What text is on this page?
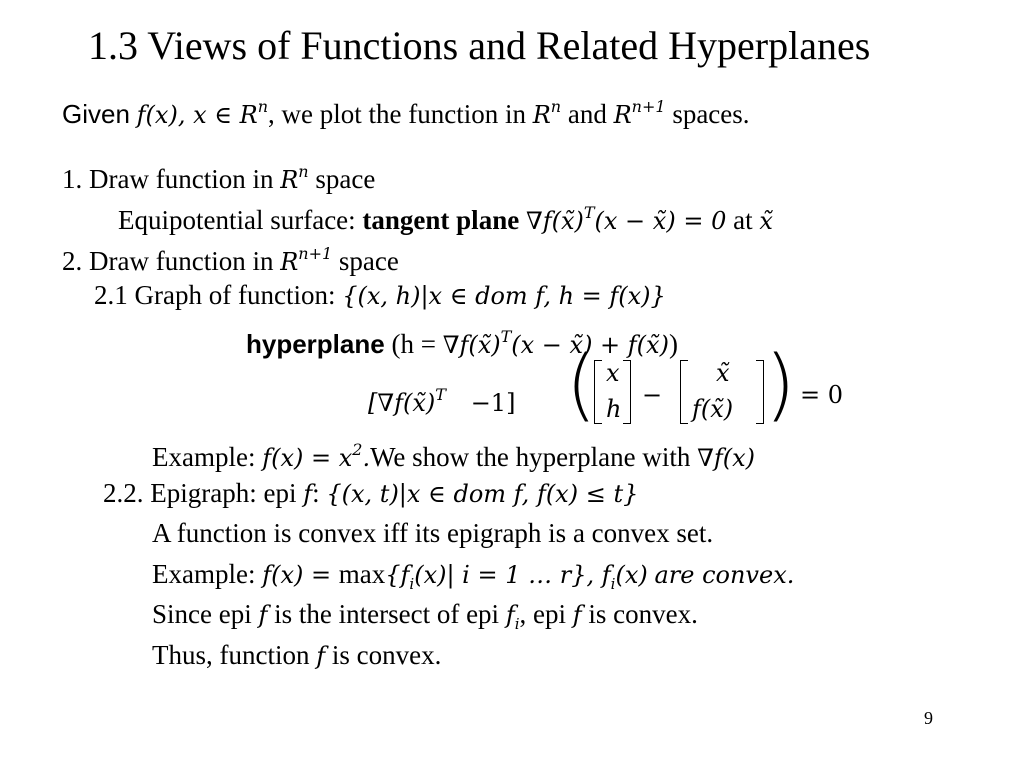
1.3 Views of Functions and Related Hyperplanes
Given f(x), x ∈ $R^n$, we plot the function in $R^n$ and $R^{n+1}$ spaces.
1. Draw function in $R^n$ space
Equipotential surface: tangent plane ∇f(x̃)$^T$(x − x̃) = 0 at x̃
2. Draw function in $R^{n+1}$ space
2.1 Graph of function: {(x, h)|x ∈ dom f, h = f(x)}
hyperplane (h = ∇f(x̃)$^T$(x − x̃) + f(x̃))
[∇f(x̃)$^T$ −1] ( x
h −
x̃
f(x̃) ) = 0
Example: $f(x) = x^2.We$ show the hyperplane with ∇f(x)
2.2. Epigraph: epi f: {(x, t)|x ∈ dom f, f(x) ≤ t}
A function is convex iff its epigraph is a convex set.
Example: $f(x) = \max\{f_i(x)|$ i = 1 … r}, $f_i(x)$ are convex.
Since epi f is the intersect of epi $f_i$, epi f is convex.
Thus, function f is convex.
9
